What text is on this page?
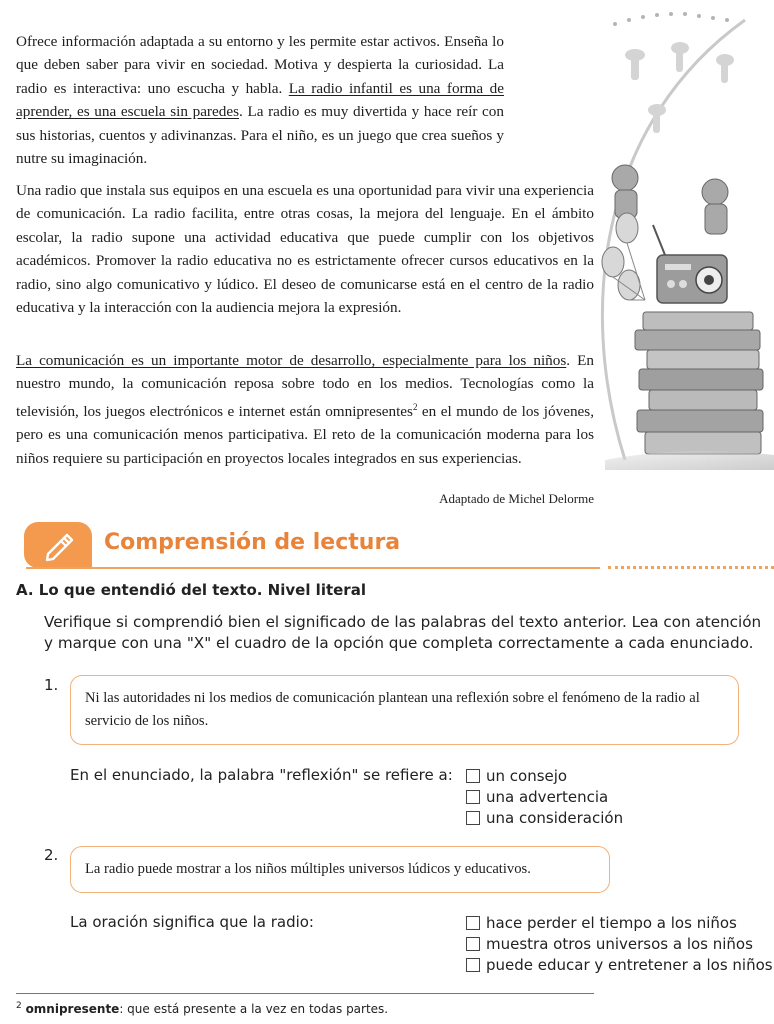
Ofrece información adaptada a su entorno y les permite estar activos. Enseña lo que deben saber para vivir en sociedad. Motiva y despierta la curiosidad. La radio es interactiva: uno escucha y habla. La radio infantil es una forma de aprender, es una escuela sin paredes. La radio es muy divertida y hace reír con sus historias, cuentos y adivinanzas. Para el niño, es un juego que crea sueños y nutre su imaginación.

Una radio que instala sus equipos en una escuela es una oportunidad para vivir una experiencia de comunicación. La radio facilita, entre otras cosas, la mejora del lenguaje. En el ámbito escolar, la radio supone una actividad educativa que puede cumplir con los objetivos académicos. Promover la radio educativa no es estrictamente ofrecer cursos educativos en la radio, sino algo comunicativo y lúdico. El deseo de comunicarse está en el centro de la radio educativa y la interacción con la audiencia mejora la expresión.

La comunicación es un importante motor de desarrollo, especialmente para los niños. En nuestro mundo, la comunicación reposa sobre todo en los medios. Tecnologías como la televisión, los juegos electrónicos e internet están omnipresentes$^2$ en el mundo de los jóvenes, pero es una comunicación menos participativa. El reto de la comunicación moderna para los niños requiere su participación en proyectos locales integrados en sus experiencias.

Adaptado de Michel Delorme
Comprensión de lectura
A. Lo que entendió del texto. Nivel literal

Verifique si comprendió bien el significado de las palabras del texto anterior. Lea con atención y marque con una "X" el cuadro de la opción que completa correctamente a cada enunciado.

1.

Ni las autoridades ni los medios de comunicación plantean una reflexión sobre el fenómeno de la radio al servicio de los niños.

En el enunciado, la palabra "reflexión" se refiere a: un consejo
una advertencia
una consideración
2.

La radio puede mostrar a los niños múltiples universos lúdicos y educativos.

La oración significa que la radio:	hace perder el tiempo a los niños
muestra otros universos a los niños
puede educar y entretener a los niños

$^2$ omnipresente: que está presente a la vez en todas partes.
